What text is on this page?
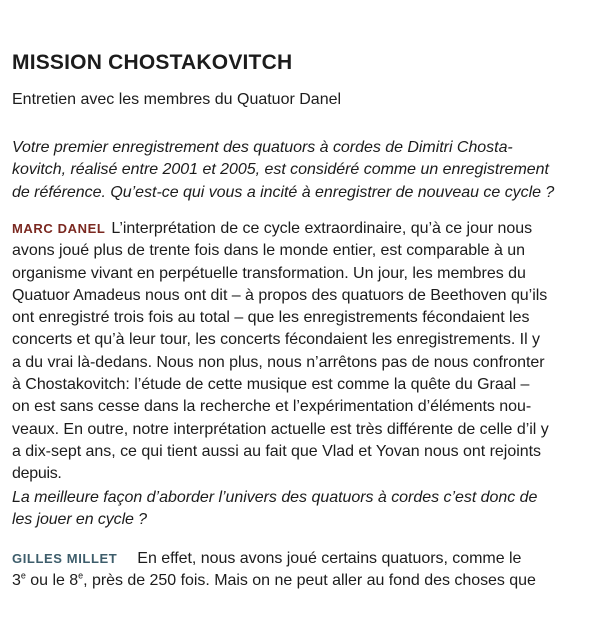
MISSION CHOSTAKOVITCH

Entretien avec les membres du Quatuor Danel

Votre premier enregistrement des quatuors à cordes de Dimitri Chosta-
kovitch, réalisé entre 2001 et 2005, est considéré comme un enregistrement
de référence. Qu’est-ce qui vous a incité à enregistrer de nouveau ce cycle ?
MARC DANEL L’interprétation de ce cycle extraordinaire, qu’à ce jour nous
avons joué plus de trente fois dans le monde entier, est comparable à un
organisme vivant en perpétuelle transformation. Un jour, les membres du
Quatuor Amadeus nous ont dit – à propos des quatuors de Beethoven qu’ils
ont enregistré trois fois au total – que les enregistrements fécondaient les
concerts et qu’à leur tour, les concerts fécondaient les enregistrements. Il y
a du vrai là-dedans. Nous non plus, nous n’arrêtons pas de nous confronter
à Chostakovitch: l’étude de cette musique est comme la quête du Graal –
on est sans cesse dans la recherche et l’expérimentation d’éléments nou-
veaux. En outre, notre interprétation actuelle est très différente de celle d’il y
a dix-sept ans, ce qui tient aussi au fait que Vlad et Yovan nous ont rejoints
depuis.
La meilleure façon d’aborder l’univers des quatuors à cordes c’est donc de
les jouer en cycle ?
GILLES MILLET En effet, nous avons joué certains quatuors, comme le
3e ou le 8e, près de 250 fois. Mais on ne peut aller au fond des choses que
